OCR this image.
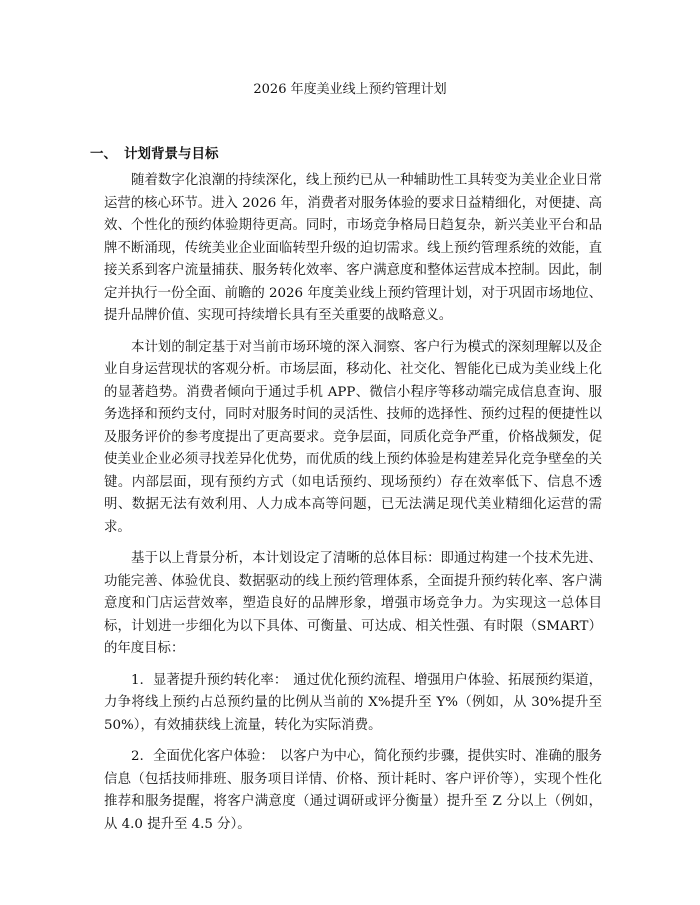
2026 年度美业线上预约管理计划
一、 计划背景与目标

随着数字化浪潮的持续深化，线上预约已从一种辅助性工具转变为美业企业日常运营的核心环节。进入 2026 年，消费者对服务体验的要求日益精细化，对便捷、高效、个性化的预约体验期待更高。同时，市场竞争格局日趋复杂，新兴美业平台和品牌不断涌现，传统美业企业面临转型升级的迫切需求。线上预约管理系统的效能，直接关系到客户流量捕获、服务转化效率、客户满意度和整体运营成本控制。因此，制定并执行一份全面、前瞻的 2026 年度美业线上预约管理计划，对于巩固市场地位、提升品牌价值、实现可持续增长具有至关重要的战略意义。

本计划的制定基于对当前市场环境的深入洞察、客户行为模式的深刻理解以及企业自身运营现状的客观分析。市场层面，移动化、社交化、智能化已成为美业线上化的显著趋势。消费者倾向于通过手机 APP、微信小程序等移动端完成信息查询、服务选择和预约支付，同时对服务时间的灵活性、技师的选择性、预约过程的便捷性以及服务评价的参考度提出了更高要求。竞争层面，同质化竞争严重，价格战频发，促使美业企业必须寻找差异化优势，而优质的线上预约体验是构建差异化竞争壁垒的关键。内部层面，现有预约方式（如电话预约、现场预约）存在效率低下、信息不透明、数据无法有效利用、人力成本高等问题，已无法满足现代美业精细化运营的需求。

基于以上背景分析，本计划设定了清晰的总体目标：即通过构建一个技术先进、功能完善、体验优良、数据驱动的线上预约管理体系，全面提升预约转化率、客户满意度和门店运营效率，塑造良好的品牌形象，增强市场竞争力。为实现这一总体目标，计划进一步细化为以下具体、可衡量、可达成、相关性强、有时限（SMART）的年度目标：

1. 显著提升预约转化率： 通过优化预约流程、增强用户体验、拓展预约渠道，力争将线上预约占总预约量的比例从当前的 X%提升至 Y%（例如，从 30%提升至 50%），有效捕获线上流量，转化为实际消费。

2. 全面优化客户体验： 以客户为中心，简化预约步骤，提供实时、准确的服务信息（包括技师排班、服务项目详情、价格、预计耗时、客户评价等），实现个性化推荐和服务提醒，将客户满意度（通过调研或评分衡量）提升至 Z 分以上（例如，从 4.0 提升至 4.5 分）。
